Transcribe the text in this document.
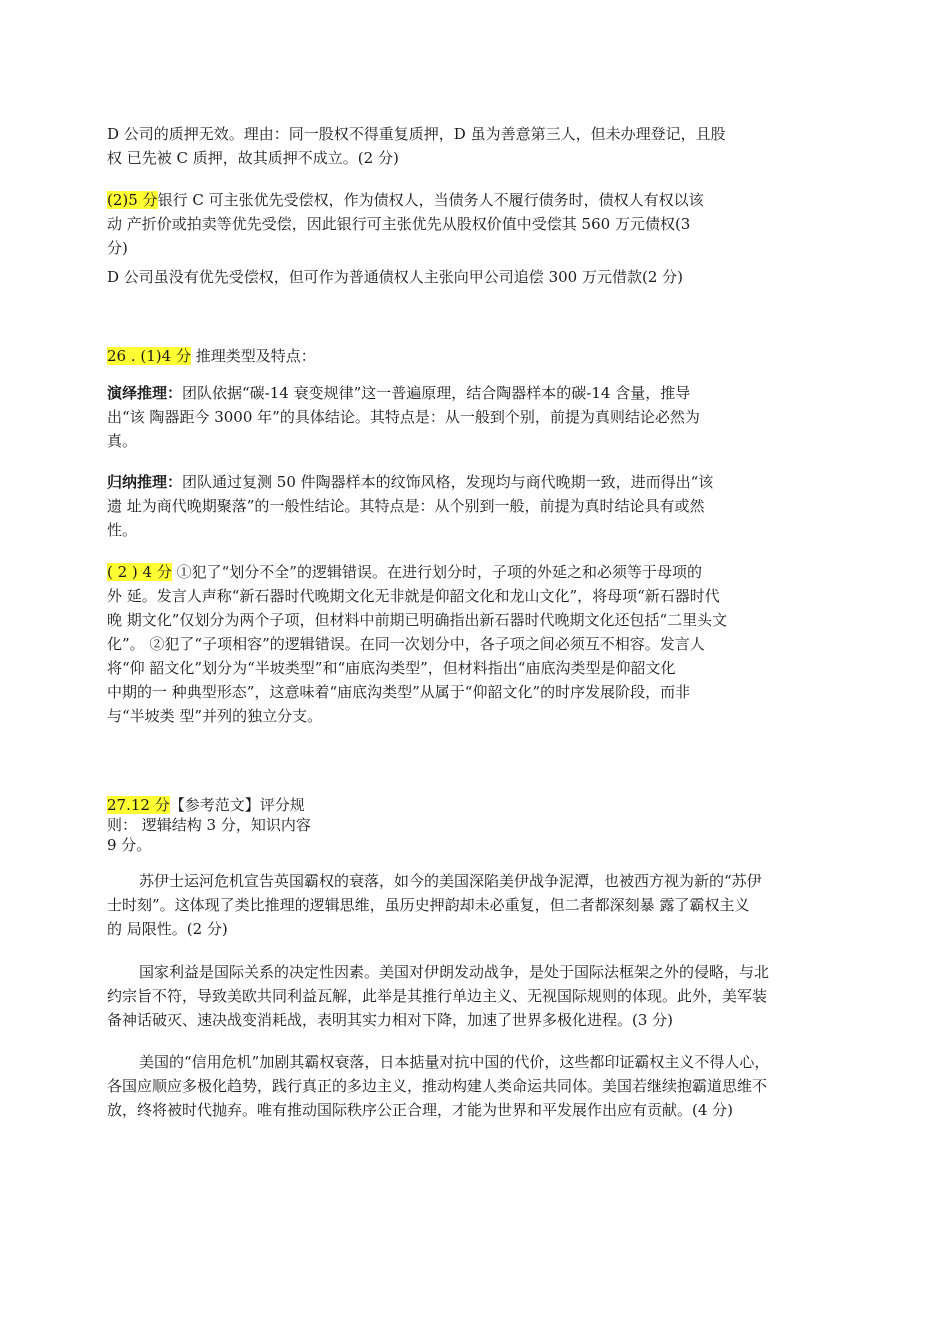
D 公司的质押无效。理由：同一股权不得重复质押，D 虽为善意第三人，但未办理登记，且股
权 已先被 C 质押，故其质押不成立。(2 分)
(2)5 分银行 C 可主张优先受偿权，作为债权人，当债务人不履行债务时，债权人有权以该
动 产折价或拍卖等优先受偿，因此银行可主张优先从股权价值中受偿其 560 万元债权(3
分)
D 公司虽没有优先受偿权，但可作为普通债权人主张向甲公司追偿 300 万元借款(2 分)
26 . (1)4 分 推理类型及特点：
演绎推理：团队依据“碳-14 衰变规律”这一普遍原理，结合陶器样本的碳-14 含量，推导
出“该 陶器距今 3000 年”的具体结论。其特点是：从一般到个别，前提为真则结论必然为
真。
归纳推理：团队通过复测 50 件陶器样本的纹饰风格，发现均与商代晚期一致，进而得出“该
遗 址为商代晚期聚落”的一般性结论。其特点是：从个别到一般，前提为真时结论具有或然
性。
( 2 ) 4 分 ①犯了“划分不全”的逻辑错误。在进行划分时，子项的外延之和必须等于母项的
外 延。发言人声称“新石器时代晚期文化无非就是仰韶文化和龙山文化”，将母项“新石器时代
晚 期文化”仅划分为两个子项，但材料中前期已明确指出新石器时代晚期文化还包括“二里头文
化”。 ②犯了“子项相容”的逻辑错误。在同一次划分中，各子项之间必须互不相容。发言人
将“仰 韶文化”划分为“半坡类型”和“庙底沟类型”，但材料指出“庙底沟类型是仰韶文化
中期的一 种典型形态”，这意味着“庙底沟类型”从属于“仰韶文化”的时序发展阶段，而非
与“半坡类 型”并列的独立分支。
27.12 分【参考范文】评分规
则： 逻辑结构 3 分，知识内容
9 分。
苏伊士运河危机宣告英国霸权的衰落，如今的美国深陷美伊战争泥潭，也被西方视为新的“苏伊
士时刻”。这体现了类比推理的逻辑思维，虽历史押韵却未必重复，但二者都深刻暴 露了霸权主义
的 局限性。(2 分)
国家利益是国际关系的决定性因素。美国对伊朗发动战争，是处于国际法框架之外的侵略，与北
约宗旨不符，导致美欧共同利益瓦解，此举是其推行单边主义、无视国际规则的体现。此外，美军装
备神话破灭、速决战变消耗战，表明其实力相对下降，加速了世界多极化进程。(3 分)
美国的“信用危机”加剧其霸权衰落，日本掂量对抗中国的代价，这些都印证霸权主义不得人心，
各国应顺应多极化趋势，践行真正的多边主义，推动构建人类命运共同体。美国若继续抱霸道思维不
放，终将被时代抛弃。唯有推动国际秩序公正合理，才能为世界和平发展作出应有贡献。(4 分)
